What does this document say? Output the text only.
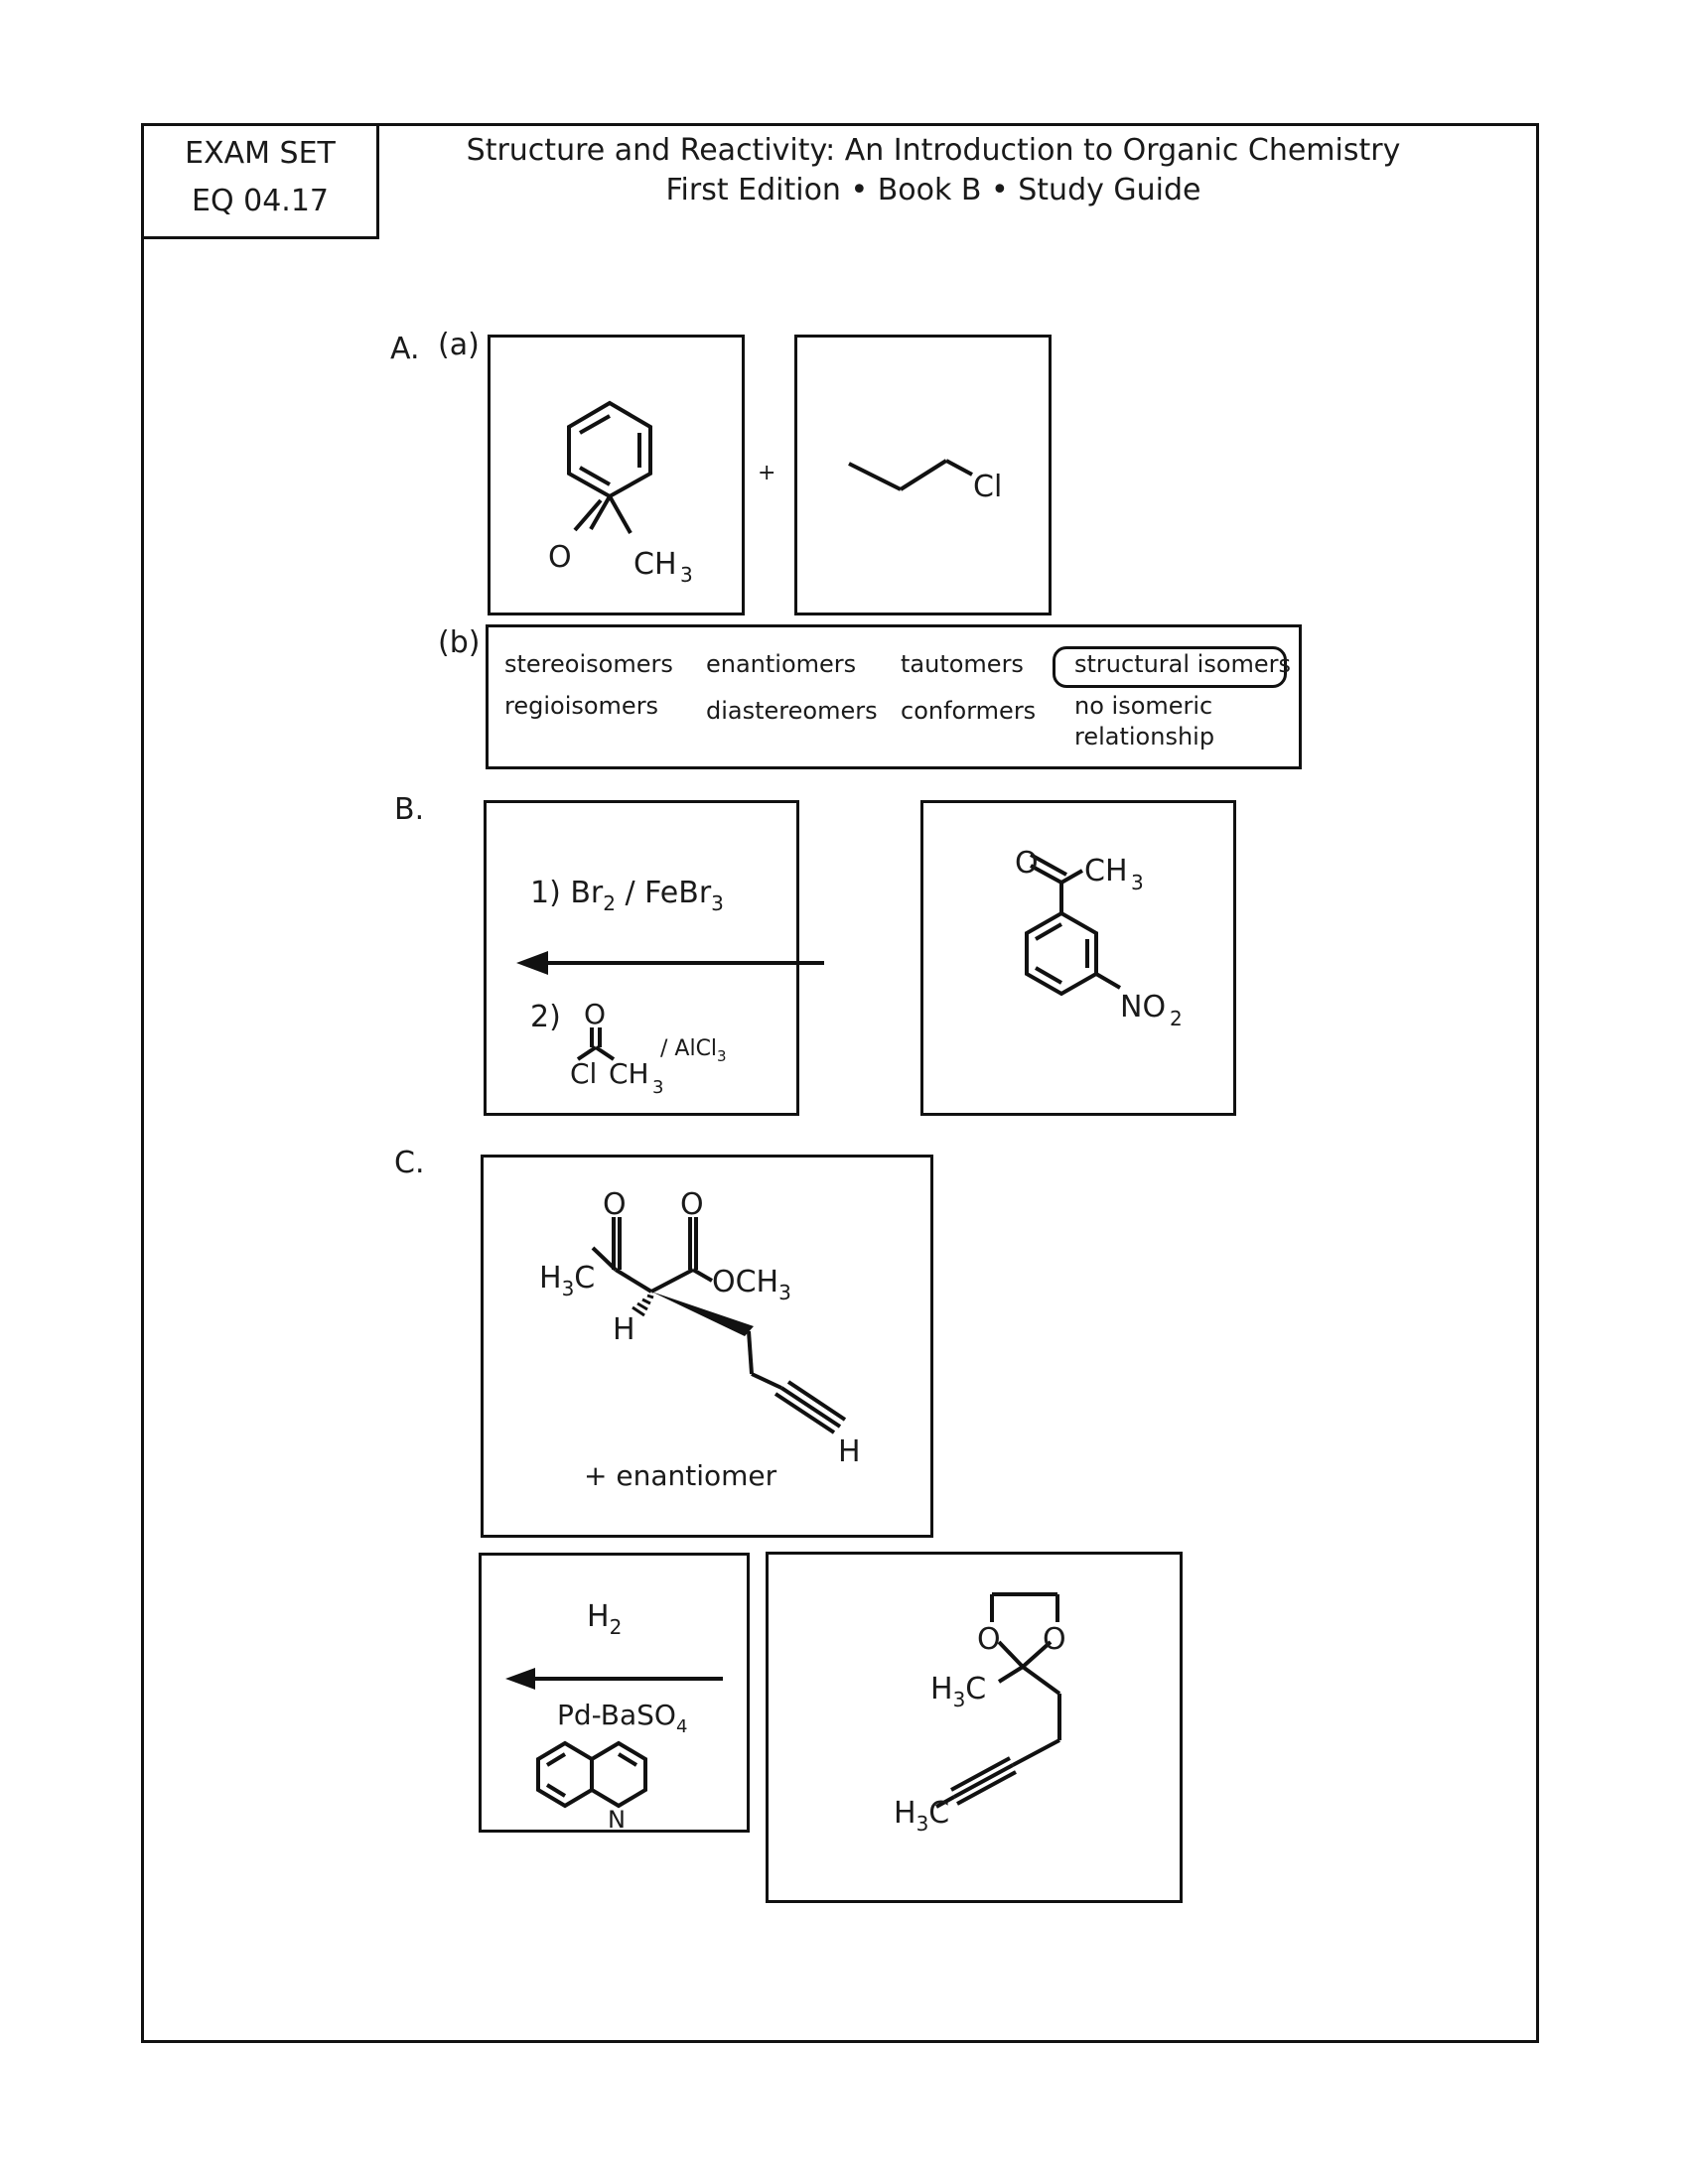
EXAM SET
EQ 04.17
Structure and Reactivity: An Introduction to Organic Chemistry
First Edition • Book B • Study Guide
A. (a)
O CH 3
+	Cl
(b)
stereoisomers enantiomers tautomers structural isomers
regioisomers diastereomers conformers no isomeric
relationship
B.
1) $Br_2$ / FeBr$_3$
2) O
Cl CH 3
/ AlCl$_3$
O CH 3
NO 2
C.
O O
$H_3C$	$OCH_3$
H
H
+ enantiomer
$H_2$
Pd-BaSO$_4$
N
O O
$H_3C$
$H_3C$
